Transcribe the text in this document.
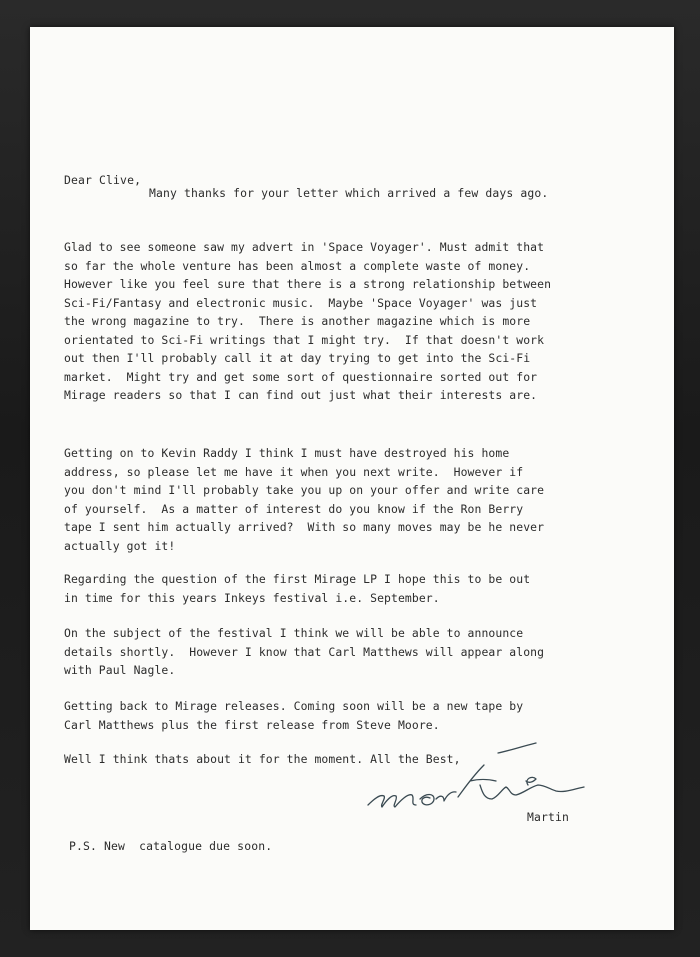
Dear Clive,
Many thanks for your letter which arrived a few days ago.
Glad to see someone saw my advert in 'Space Voyager'. Must admit that
so far the whole venture has been almost a complete waste of money.
However like you feel sure that there is a strong relationship between
Sci-Fi/Fantasy and electronic music.  Maybe 'Space Voyager' was just
the wrong magazine to try.  There is another magazine which is more
orientated to Sci-Fi writings that I might try.  If that doesn't work
out then I'll probably call it at day trying to get into the Sci-Fi
market.  Might try and get some sort of questionnaire sorted out for
Mirage readers so that I can find out just what their interests are.
Getting on to Kevin Raddy I think I must have destroyed his home
address, so please let me have it when you next write.  However if
you don't mind I'll probably take you up on your offer and write care
of yourself.  As a matter of interest do you know if the Ron Berry
tape I sent him actually arrived?  With so many moves may be he never
actually got it!
Regarding the question of the first Mirage LP I hope this to be out
in time for this years Inkeys festival i.e. September.
On the subject of the festival I think we will be able to announce
details shortly.  However I know that Carl Matthews will appear along
with Paul Nagle.
Getting back to Mirage releases. Coming soon will be a new tape by
Carl Matthews plus the first release from Steve Moore.
Well I think thats about it for the moment. All the Best,
Martin
P.S. New  catalogue due soon.
